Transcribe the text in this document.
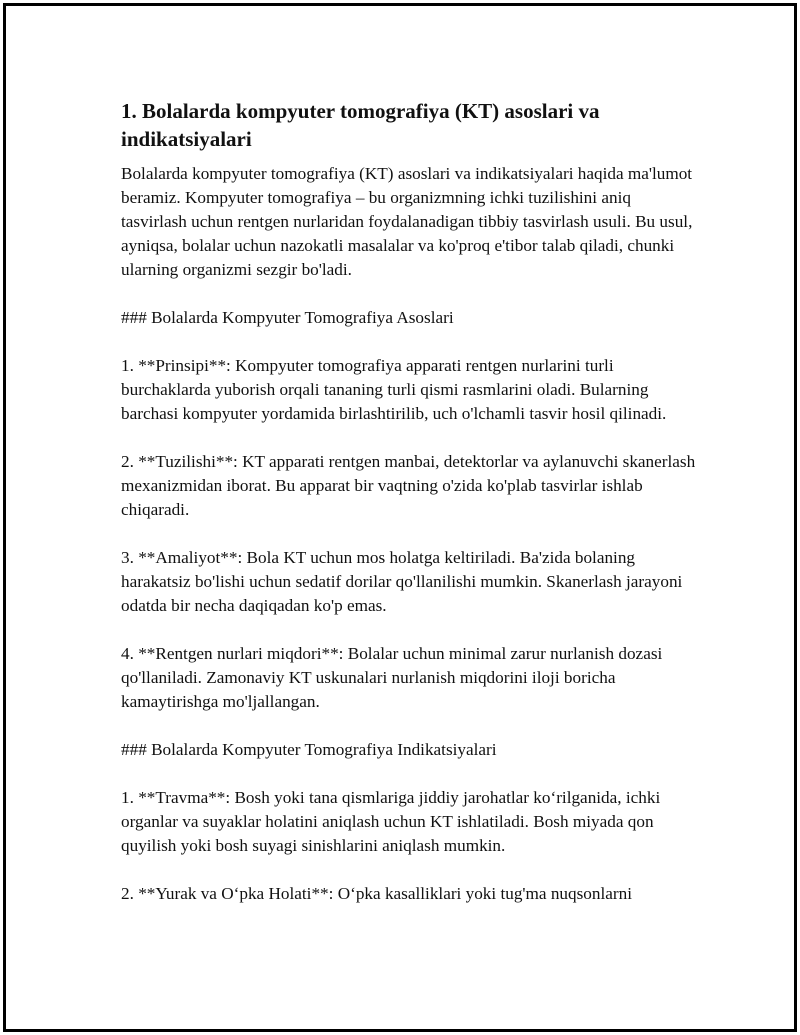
1. Bolalarda kompyuter tomografiya (KT) asoslari va indikatsiyalari

Bolalarda kompyuter tomografiya (KT) asoslari va indikatsiyalari haqida ma'lumot beramiz. Kompyuter tomografiya – bu organizmning ichki tuzilishini aniq tasvirlash uchun rentgen nurlaridan foydalanadigan tibbiy tasvirlash usuli. Bu usul, ayniqsa, bolalar uchun nazokatli masalalar va ko'proq e'tibor talab qiladi, chunki ularning organizmi sezgir bo'ladi.

### Bolalarda Kompyuter Tomografiya Asoslari

1. **Prinsipi**: Kompyuter tomografiya apparati rentgen nurlarini turli burchaklarda yuborish orqali tananing turli qismi rasmlarini oladi. Bularning barchasi kompyuter yordamida birlashtirilib, uch o'lchamli tasvir hosil qilinadi.

2. **Tuzilishi**: KT apparati rentgen manbai, detektorlar va aylanuvchi skanerlash mexanizmidan iborat. Bu apparat bir vaqtning o'zida ko'plab tasvirlar ishlab chiqaradi.

3. **Amaliyot**: Bola KT uchun mos holatga keltiriladi. Ba'zida bolaning harakatsiz bo'lishi uchun sedatif dorilar qo'llanilishi mumkin. Skanerlash jarayoni odatda bir necha daqiqadan ko'p emas.

4. **Rentgen nurlari miqdori**: Bolalar uchun minimal zarur nurlanish dozasi qo'llaniladi. Zamonaviy KT uskunalari nurlanish miqdorini iloji boricha kamaytirishga mo'ljallangan.

### Bolalarda Kompyuter Tomografiya Indikatsiyalari

1. **Travma**: Bosh yoki tana qismlariga jiddiy jarohatlar koʻrilganida, ichki organlar va suyaklar holatini aniqlash uchun KT ishlatiladi. Bosh miyada qon quyilish yoki bosh suyagi sinishlarini aniqlash mumkin.

2. **Yurak va Oʻpka Holati**: Oʻpka kasalliklari yoki tug'ma nuqsonlarni
